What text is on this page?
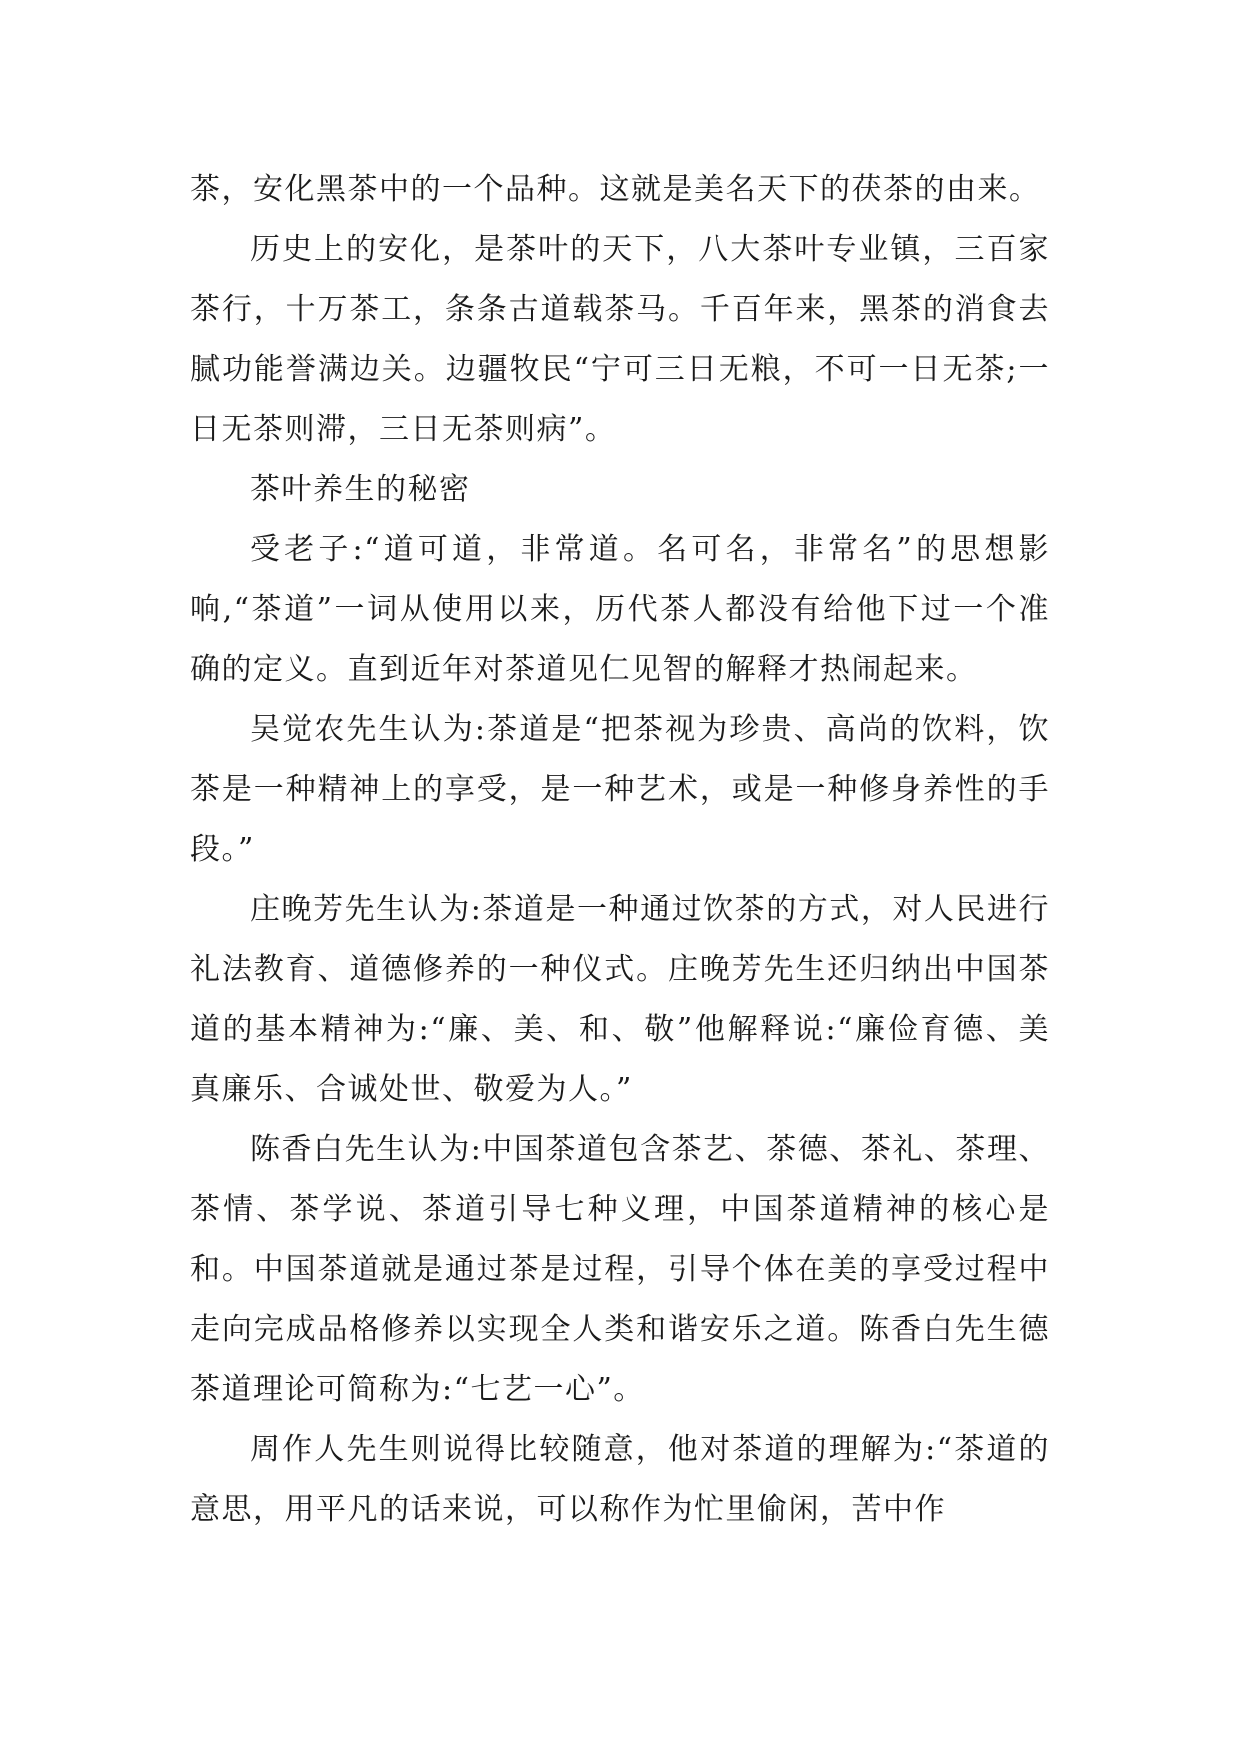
茶，安化黑茶中的一个品种。这就是美名天下的茯茶的由来。

历史上的安化，是茶叶的天下，八大茶叶专业镇，三百家茶行，十万茶工，条条古道载茶马。千百年来，黑茶的消食去腻功能誉满边关。边疆牧民“宁可三日无粮，不可一日无茶;一日无茶则滞，三日无茶则病”。

茶叶养生的秘密

受老子:“道可道，非常道。名可名，非常名”的思想影响,“茶道”一词从使用以来，历代茶人都没有给他下过一个准确的定义。直到近年对茶道见仁见智的解释才热闹起来。

吴觉农先生认为:茶道是“把茶视为珍贵、高尚的饮料，饮茶是一种精神上的享受，是一种艺术，或是一种修身养性的手段。”

庄晚芳先生认为:茶道是一种通过饮茶的方式，对人民进行礼法教育、道德修养的一种仪式。庄晚芳先生还归纳出中国茶道的基本精神为:“廉、美、和、敬”他解释说:“廉俭育德、美真廉乐、合诚处世、敬爱为人。”

陈香白先生认为:中国茶道包含茶艺、茶德、茶礼、茶理、茶情、茶学说、茶道引导七种义理，中国茶道精神的核心是和。中国茶道就是通过茶是过程，引导个体在美的享受过程中走向完成品格修养以实现全人类和谐安乐之道。陈香白先生德茶道理论可简称为:“七艺一心”。

周作人先生则说得比较随意，他对茶道的理解为:“茶道的意思，用平凡的话来说，可以称作为忙里偷闲，苦中作
